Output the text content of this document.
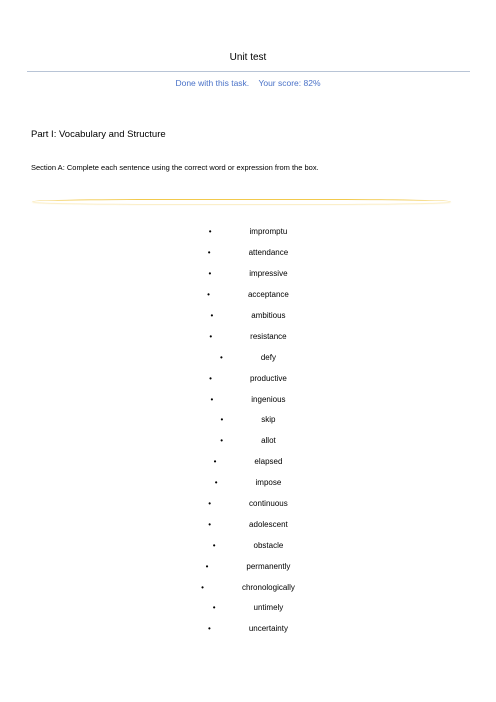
Unit test
Done with this task.    Your score: 82%
Part I: Vocabulary and Structure
Section A: Complete each sentence using the correct word or expression from the box.
•	impromptu
•	attendance
•	impressive
•	acceptance
•	ambitious
•	resistance
•	defy
•	productive
•	ingenious
•	skip
•	allot
•	elapsed
•	impose
•	continuous
•	adolescent
•	obstacle
•	permanently
•	chronologically
•	untimely
•	uncertainty
